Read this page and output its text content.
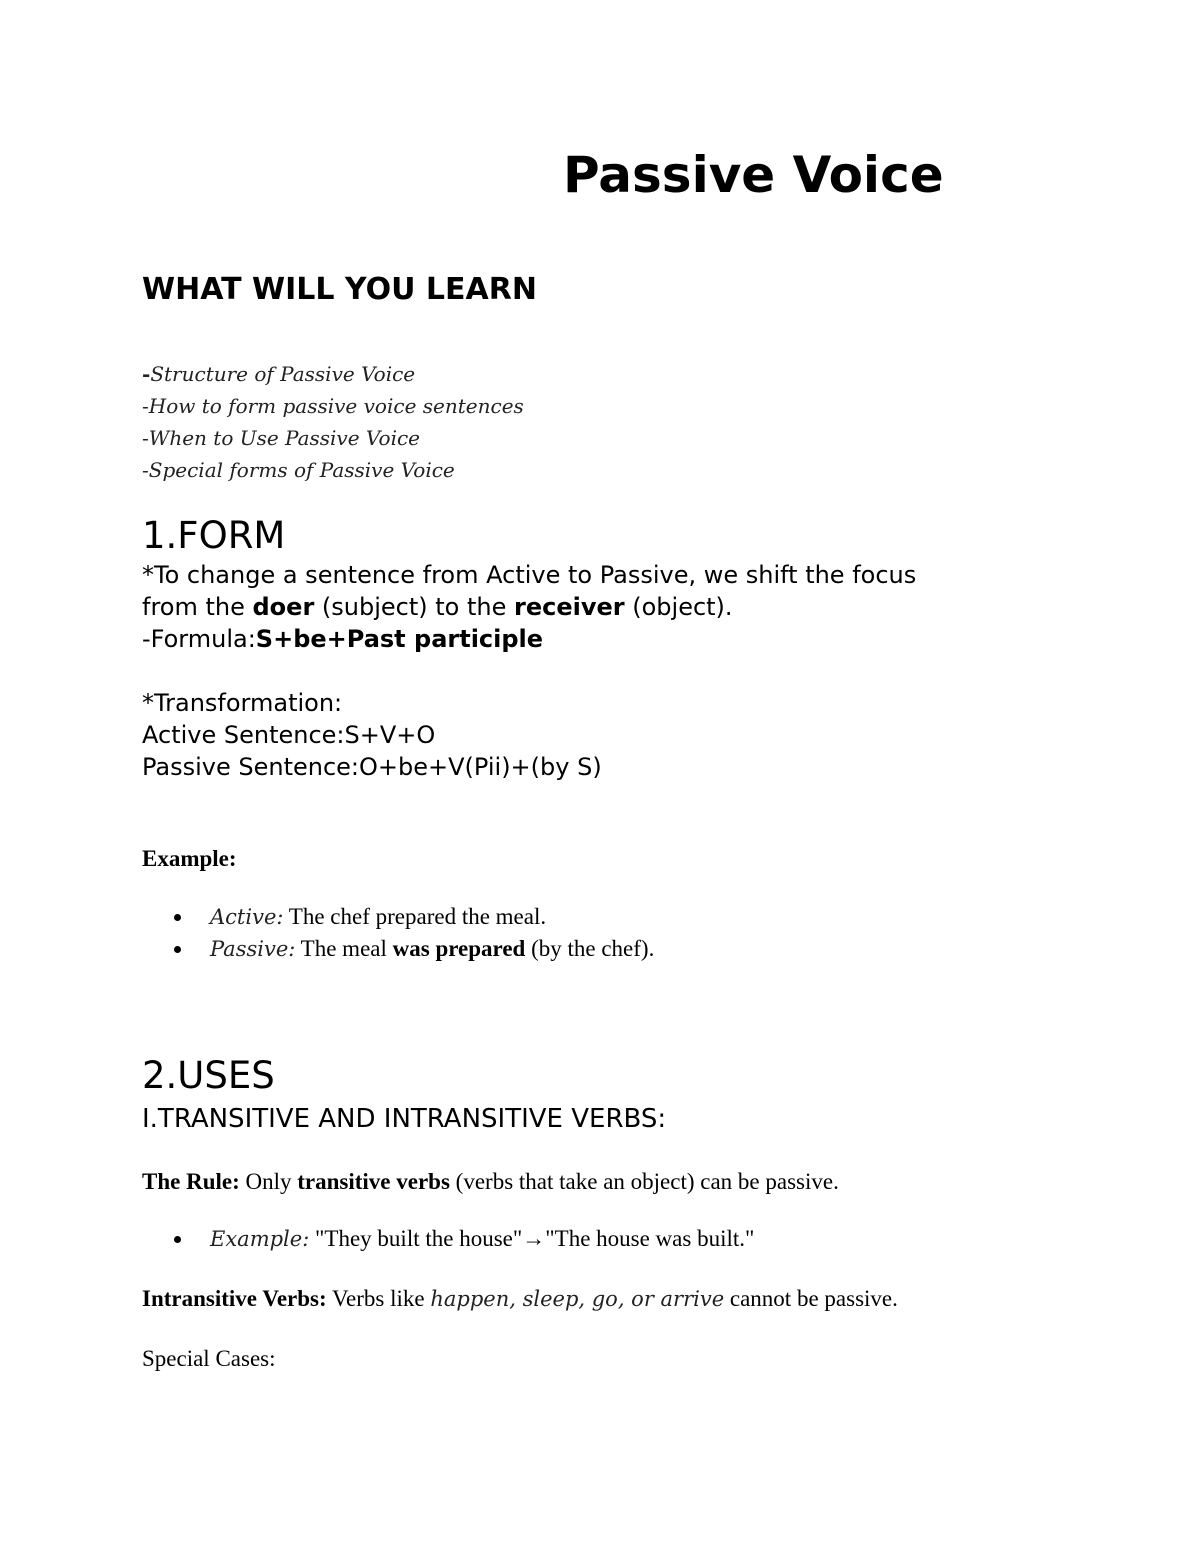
Passive Voice
WHAT WILL YOU LEARN
-Structure of Passive Voice
-How to form passive voice sentences
-When to Use Passive Voice
-Special forms of Passive Voice
1.FORM
*To change a sentence from Active to Passive, we shift the focus
from the doer (subject) to the receiver (object).
-Formula:S+be+Past participle
*Transformation:
Active Sentence:S+V+O
Passive Sentence:O+be+V(Pii)+(by S)
Example:
Active: The chef prepared the meal.
Passive: The meal was prepared (by the chef).
2.USES
I.TRANSITIVE AND INTRANSITIVE VERBS:
The Rule: Only transitive verbs (verbs that take an object) can be passive.
Example: "They built the house"→"The house was built."
Intransitive Verbs: Verbs like happen, sleep, go, or arrive cannot be passive.
Special Cases:
